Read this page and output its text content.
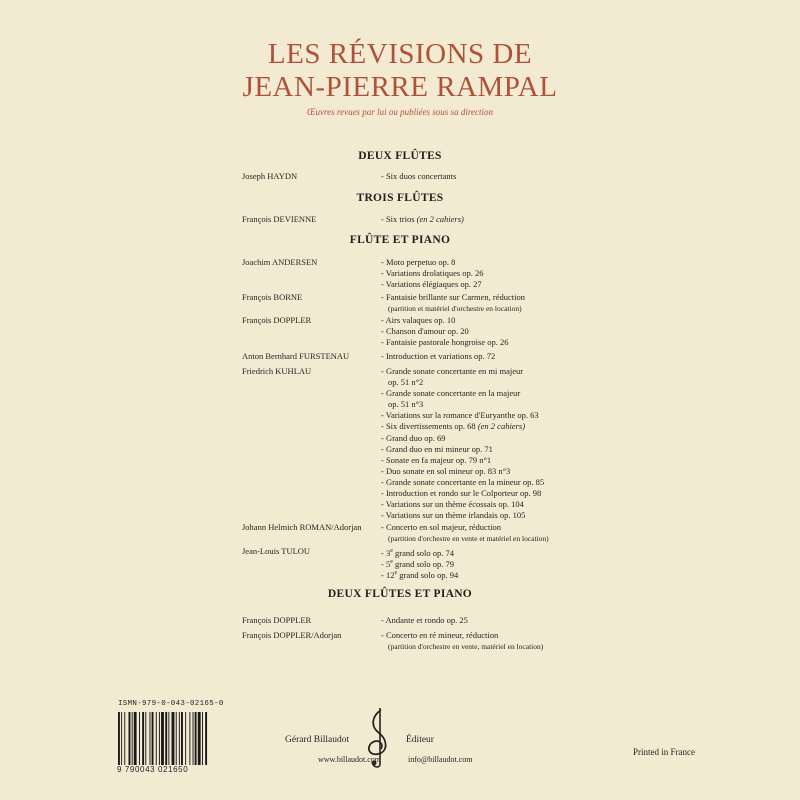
LES RÉVISIONS DE
JEAN-PIERRE RAMPAL
Œuvres revues par lui ou publiées sous sa direction
DEUX FLÛTES
Joseph HAYDN	- Six duos concertants
TROIS FLÛTES
François DEVIENNE	- Six trios (en 2 cahiers)
FLÛTE ET PIANO
Joachim ANDERSEN	- Moto perpetuo op. 8
- Variations drolatiques op. 26
- Variations élégiaques op. 27
François BORNE	- Fantaisie brillante sur Carmen, réduction
(partition et matériel d'orchestre en location)
François DOPPLER	- Airs valaques op. 10
- Chanson d'amour op. 20
- Fantaisie pastorale hongroise op. 26
Anton Bernhard FURSTENAU	- Introduction et variations op. 72
Friedrich KUHLAU	- Grande sonate concertante en mi majeur
op. 51 n°2
- Grande sonate concertante en la majeur
op. 51 n°3
- Variations sur la romance d'Euryanthe op. 63
- Six divertissements op. 68 (en 2 cahiers)
- Grand duo op. 69
- Grand duo en mi mineur op. 71
- Sonate en fa majeur op. 79 n°1
- Duo sonate en sol mineur op. 83 n°3
- Grande sonate concertante en la mineur op. 85
- Introduction et rondo sur le Colporteur op. 98
- Variations sur un thème écossais op. 104
- Variations sur un thème irlandais op. 105
Johann Helmich ROMAN/Adorjan - Concerto en sol majeur, réduction
(partition d'orchestre en vente et matériel en location)
Jean-Louis TULOU	- 3e grand solo op. 74
- 5e grand solo op. 79
- 12e grand solo op. 94
DEUX FLÛTES ET PIANO
François DOPPLER	- Andante et rondo op. 25
François DOPPLER/Adorjan	- Concerto en ré mineur, réduction
(partition d'orchestre en vente, matériel en location)
ISMN-979-0-043-02165-0
9 790043 021650
Gérard Billaudot	Éditeur
www.billaudot.com	info@billaudot.com
Printed in France
